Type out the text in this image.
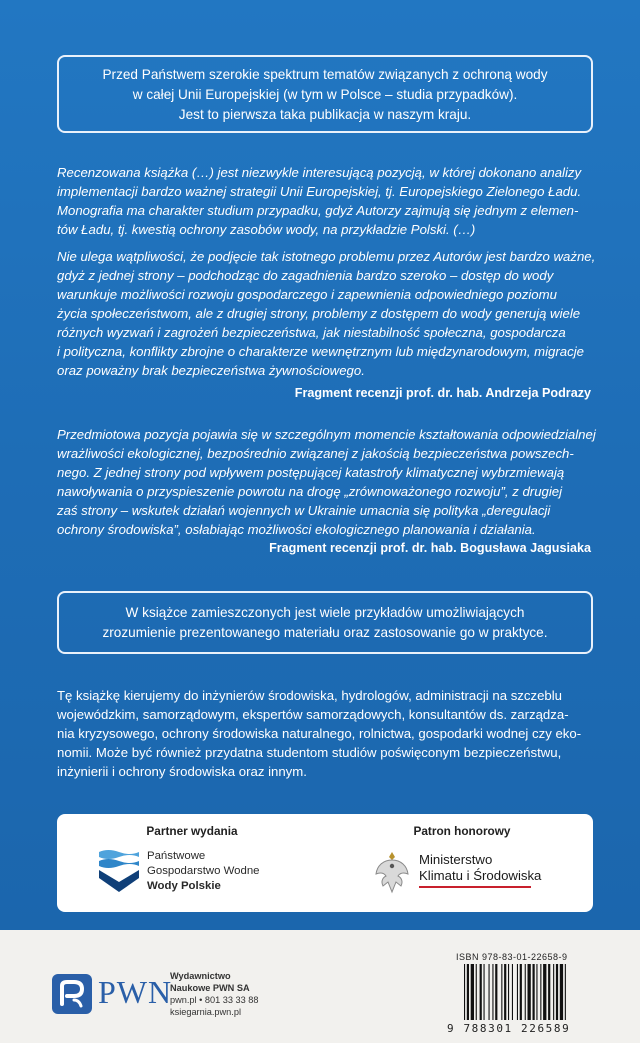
Przed Państwem szerokie spektrum tematów związanych z ochroną wody

w całej Unii Europejskiej (w tym w Polsce – studia przypadków).

Jest to pierwsza taka publikacja w naszym kraju.

Recenzowana książka (…) jest niezwykle interesującą pozycją, w której dokonano analizy

implementacji bardzo ważnej strategii Unii Europejskiej, tj. Europejskiego Zielonego Ładu.

Monografia ma charakter studium przypadku, gdyż Autorzy zajmują się jednym z elemen-

tów Ładu, tj. kwestią ochrony zasobów wody, na przykładzie Polski. (…)

Nie ulega wątpliwości, że podjęcie tak istotnego problemu przez Autorów jest bardzo ważne,

gdyż z jednej strony – podchodząc do zagadnienia bardzo szeroko – dostęp do wody

warunkuje możliwości rozwoju gospodarczego i zapewnienia odpowiedniego poziomu

życia społeczeństwom, ale z drugiej strony, problemy z dostępem do wody generują wiele

różnych wyzwań i zagrożeń bezpieczeństwa, jak niestabilność społeczna, gospodarcza

i polityczna, konflikty zbrojne o charakterze wewnętrznym lub międzynarodowym, migracje

oraz poważny brak bezpieczeństwa żywnościowego.

Fragment recenzji prof. dr. hab. Andrzeja Podrazy

Przedmiotowa pozycja pojawia się w szczególnym momencie kształtowania odpowiedzialnej

wrażliwości ekologicznej, bezpośrednio związanej z jakością bezpieczeństwa powszech-

nego. Z jednej strony pod wpływem postępującej katastrofy klimatycznej wybrzmiewają

nawoływania o przyspieszenie powrotu na drogę „zrównoważonego rozwoju”, z drugiej

zaś strony – wskutek działań wojennych w Ukrainie umacnia się polityka „deregulacji

ochrony środowiska”, osłabiając możliwości ekologicznego planowania i działania.

Fragment recenzji prof. dr. hab. Bogusława Jagusiaka

W książce zamieszczonych jest wiele przykładów umożliwiających

zrozumienie prezentowanego materiału oraz zastosowanie go w praktyce.

Tę książkę kierujemy do inżynierów środowiska, hydrologów, administracji na szczeblu

wojewódzkim, samorządowym, ekspertów samorządowych, konsultantów ds. zarządza-

nia kryzysowego, ochrony środowiska naturalnego, rolnictwa, gospodarki wodnej czy eko-

nomii. Może być również przydatna studentom studiów poświęconym bezpieczeństwu,

inżynierii i ochrony środowiska oraz innym.

Partner wydania	Patron honorowy
Państwowe
Gospodarstwo Wodne
Wody Polskie
Ministerstwo
Klimatu i Środowiska
PWN
Wydawnictwo
Naukowe PWN SA
pwn.pl • 801 33 33 88
ksiegarnia.pwn.pl
ISBN 978-83-01-22658-9
9 788301 226589
